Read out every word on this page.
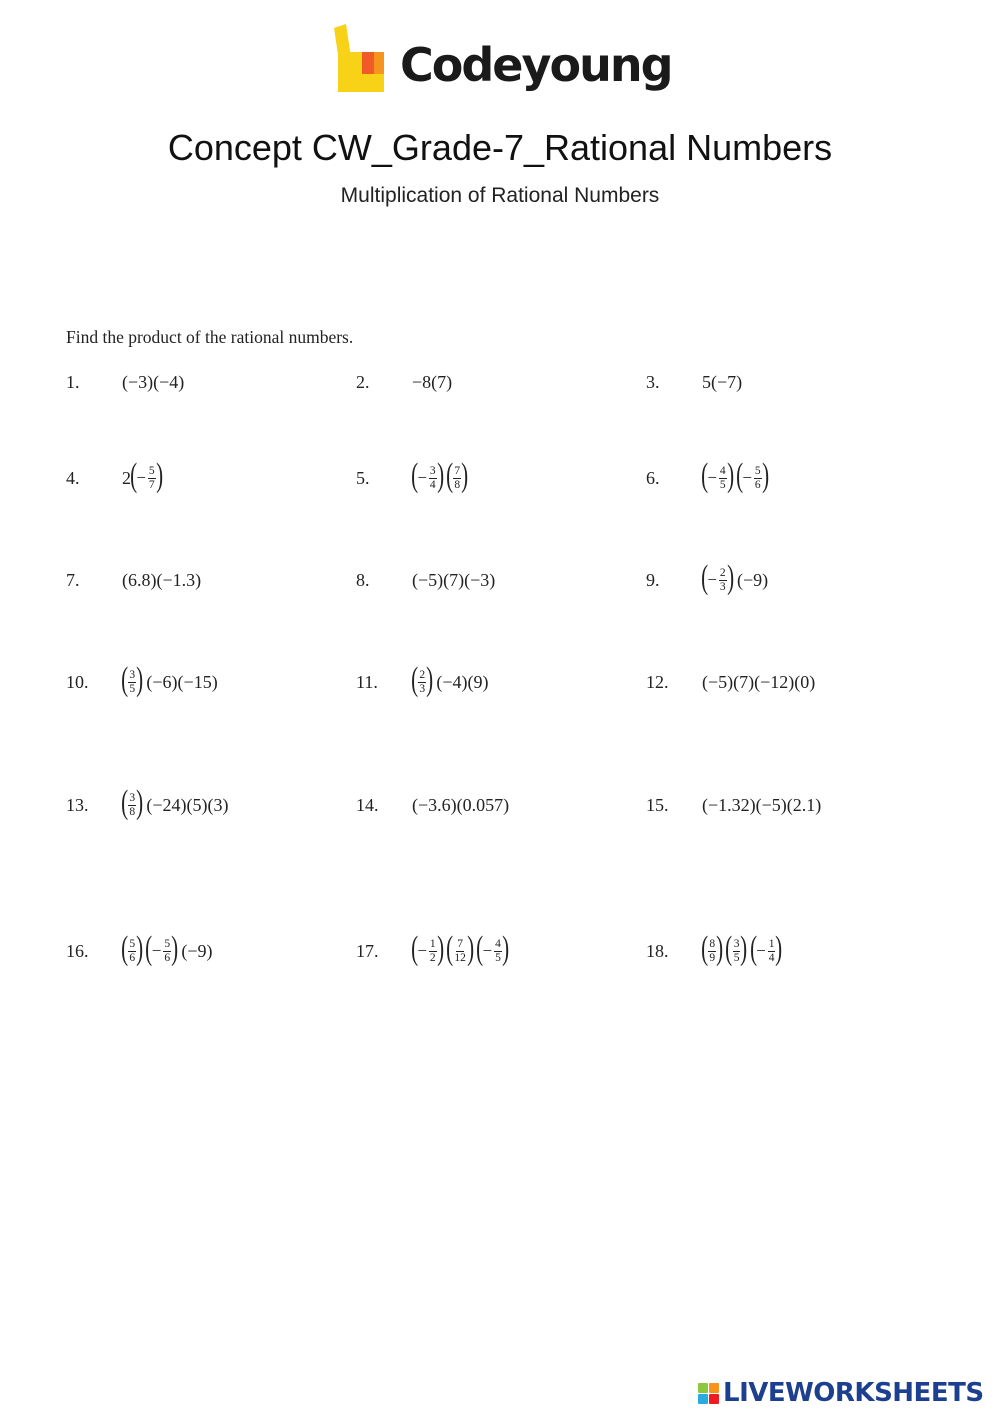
Codeyoung
Concept CW_Grade-7_Rational Numbers
Multiplication of Rational Numbers
Find the product of the rational numbers.
1.	(−3) (−4)	2.	−8 (7)	3.	5 (−7)
4.	2 ( − $\frac{5}{7}$ )	5.	( − $\frac{3}{4}$ ) ( $\frac{7}{8}$ )	6.	( − $\frac{4}{5}$ ) ( − $\frac{5}{6}$ )
7.	(6.8) (−1.3)	8.	(−5) (7) (−3)	9.	( − $\frac{2}{3}$ ) (−9)
10. ( $\frac{3}{5}$ ) (−6) (−15)	11. ( $\frac{2}{3}$ ) (−4) (9)	12.	(−5) (7) (−12) (0)
13. ( $\frac{3}{8}$ ) (−24) (5) (3)	14.	(−3.6) (0.057)	15.	(−1.32) (−5) (2.1)
16. ( $\frac{5}{6}$ ) ( − $\frac{5}{6}$ ) (−9)	17. ( − $\frac{1}{2}$ ) ( $\frac{7}{12}$ ) ( − $\frac{4}{5}$ )	18. ( $\frac{8}{9}$ ) ( $\frac{3}{5}$ ) ( − $\frac{1}{4}$ )
LIVEWORKSHEETS
